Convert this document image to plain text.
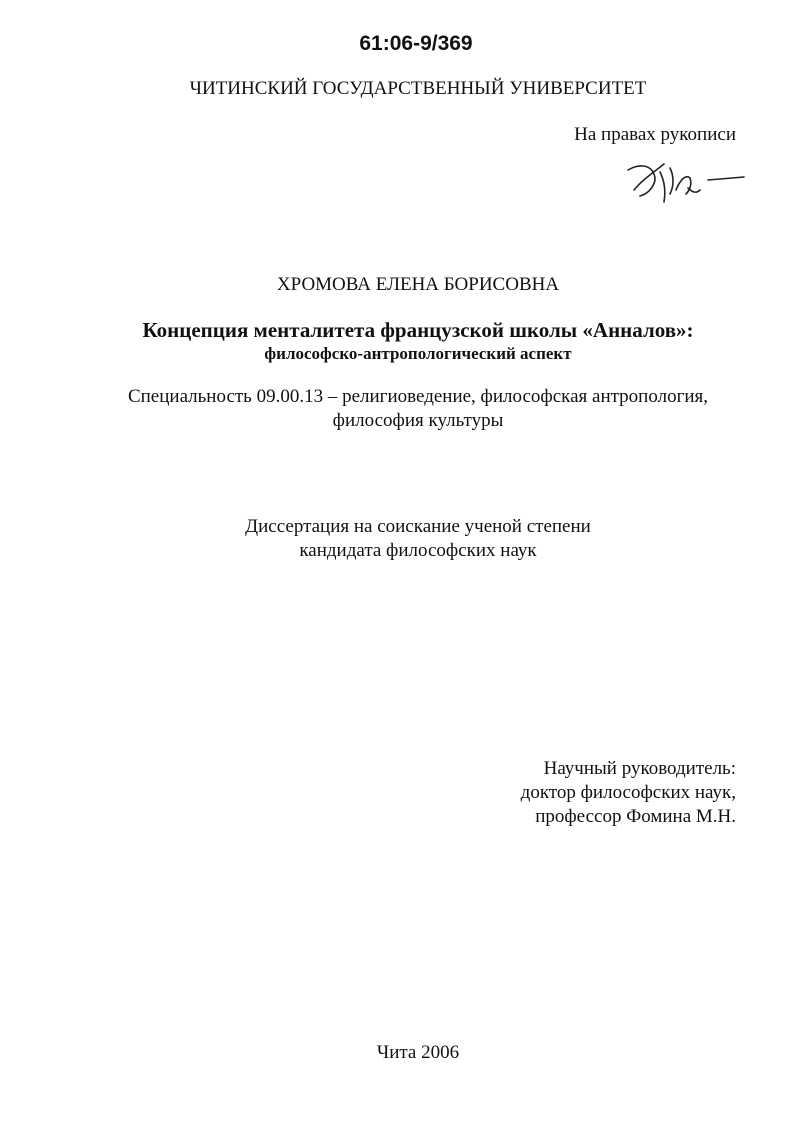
61:06-9/369
ЧИТИНСКИЙ ГОСУДАРСТВЕННЫЙ УНИВЕРСИТЕТ
На правах рукописи
ХРОМОВА ЕЛЕНА БОРИСОВНА
Концепция менталитета французской школы «Анналов»:
философско-антропологический аспект
Специальность 09.00.13 – религиоведение, философская антропология,
философия культуры
Диссертация на соискание ученой степени
кандидата философских наук
Научный руководитель:
доктор философских наук,
профессор Фомина М.Н.
Чита 2006
